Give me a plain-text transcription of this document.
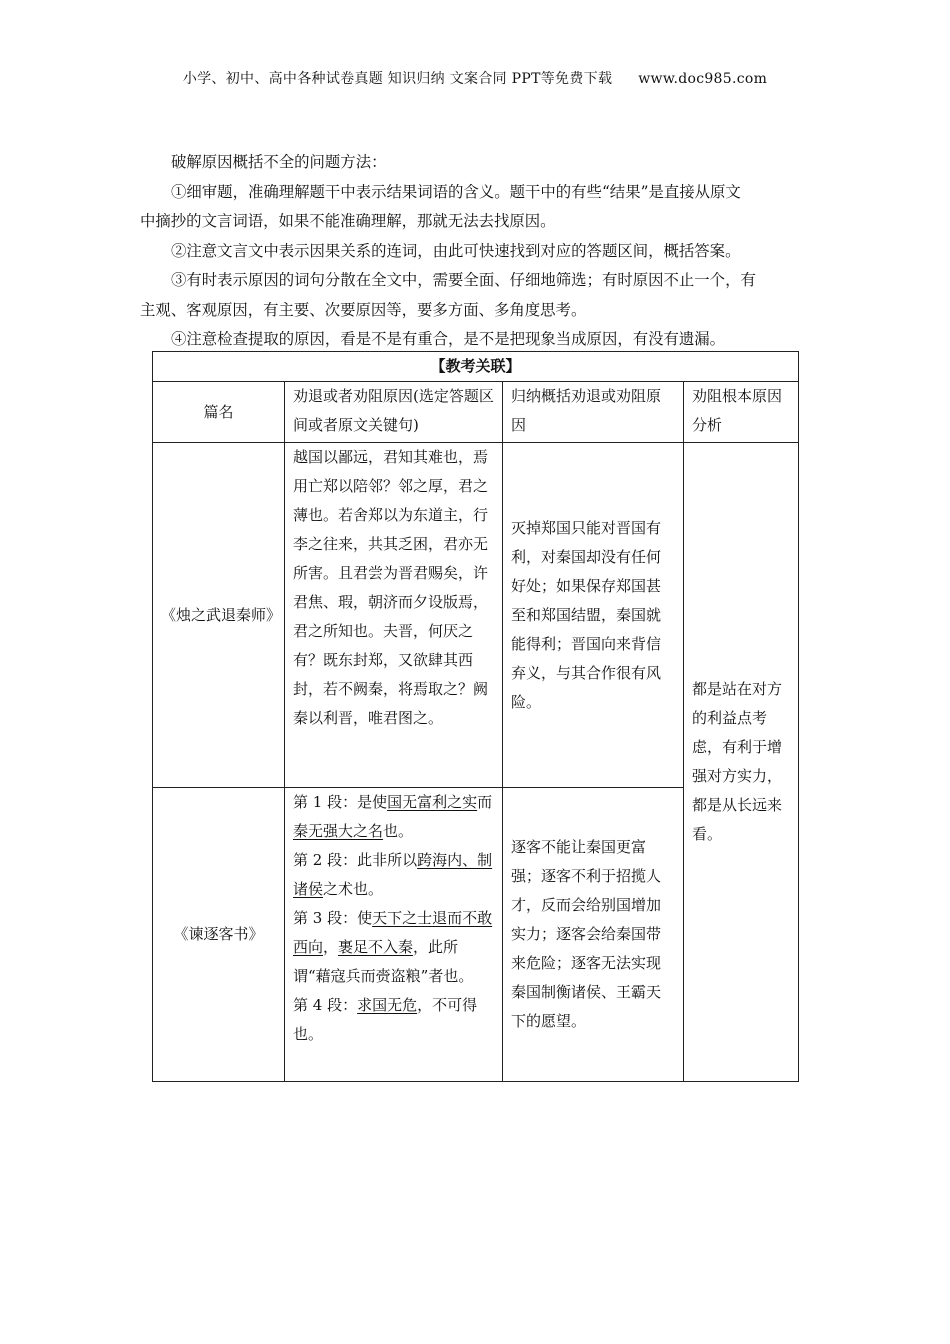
小学、初中、高中各种试卷真题 知识归纳 文案合同 PPT等免费下载 www.doc985.com

破解原因概括不全的问题方法：

①细审题，准确理解题干中表示结果词语的含义。题干中的有些“结果”是直接从原文

中摘抄的文言词语，如果不能准确理解，那就无法去找原因。

②注意文言文中表示因果关系的连词，由此可快速找到对应的答题区间，概括答案。

③有时表示原因的词句分散在全文中，需要全面、仔细地筛选；有时原因不止一个，有

主观、客观原因，有主要、次要原因等，要多方面、多角度思考。

④注意检查提取的原因，看是不是有重合，是不是把现象当成原因，有没有遗漏。

【教考关联】			
篇名	劝退或者劝阻原因(选定答题区间或者原文关键句)	归纳概括劝退或劝阻原因	劝阻根本原因分析
《烛之武退秦师》	越国以鄙远，君知其难也，焉用亡郑以陪邻？邻之厚，君之薄也。若舍郑以为东道主，行李之往来，共其乏困，君亦无所害。且君尝为晋君赐矣，许君焦、瑕，朝济而夕设版焉，君之所知也。夫晋，何厌之有？既东封郑，又欲肆其西封，若不阙秦，将焉取之？阙秦以利晋，唯君图之。	灭掉郑国只能对晋国有利，对秦国却没有任何好处；如果保存郑国甚至和郑国结盟，秦国就能得利；晋国向来背信弃义，与其合作很有风险。	都是站在对方的利益点考虑，有利于增强对方实力，都是从长远来看。
《谏逐客书》	第 1 段：是使国无富利之实而秦无强大之名也。
第 2 段：此非所以跨海内、制诸侯之术也。
第 3 段：使天下之士退而不敢西向，裹足不入秦，此所谓“藉寇兵而赍盗粮”者也。
第 4 段：求国无危，不可得也。	逐客不能让秦国更富强；逐客不利于招揽人才，反而会给别国增加实力；逐客会给秦国带来危险；逐客无法实现秦国制衡诸侯、王霸天下的愿望。	
